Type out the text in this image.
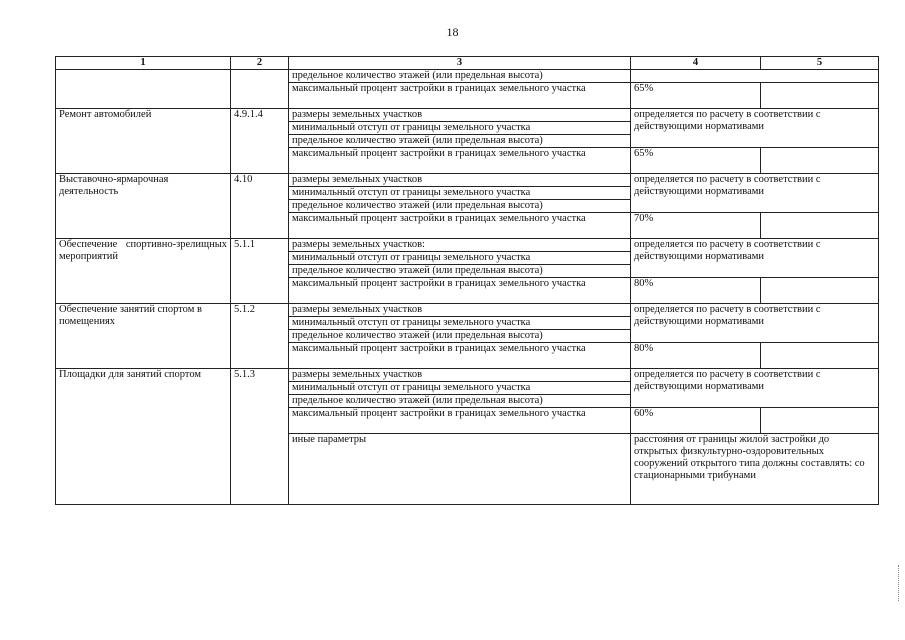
18
1	2	3	4	5
		предельное количество этажей (или предельная высота)		
		максимальный процент застройки в границах земельного участка	65%	
Ремонт автомобилей	4.9.1.4	размеры земельных участков	определяется по расчету в соответствии с действующими нормативами	
		минимальный отступ от границы земельного участка		
		предельное количество этажей (или предельная высота)		
		максимальный процент застройки в границах земельного участка	65%	
Выставочно-ярмарочная деятельность	4.10	размеры земельных участков	определяется по расчету в соответствии с действующими нормативами	
		минимальный отступ от границы земельного участка		
		предельное количество этажей (или предельная высота)		
		максимальный процент застройки в границах земельного участка	70%	
Обеспечение спортивно-зрелищных мероприятий	5.1.1	размеры земельных участков:	определяется по расчету в соответствии с действующими нормативами	
		минимальный отступ от границы земельного участка		
		предельное количество этажей (или предельная высота)		
		максимальный процент застройки в границах земельного участка	80%	
Обеспечение занятий спортом в помещениях	5.1.2	размеры земельных участков	определяется по расчету в соответствии с действующими нормативами	
		минимальный отступ от границы земельного участка		
		предельное количество этажей (или предельная высота)		
		максимальный процент застройки в границах земельного участка	80%	
Площадки для занятий спортом	5.1.3	размеры земельных участков	определяется по расчету в соответствии с действующими нормативами	
		минимальный отступ от границы земельного участка		
		предельное количество этажей (или предельная высота)		
		максимальный процент застройки в границах земельного участка	60%	
		иные параметры	расстояния от границы жилой застройки до открытых физкультурно-оздоровительных сооружений открытого типа должны составлять: со стационарными трибунами	
